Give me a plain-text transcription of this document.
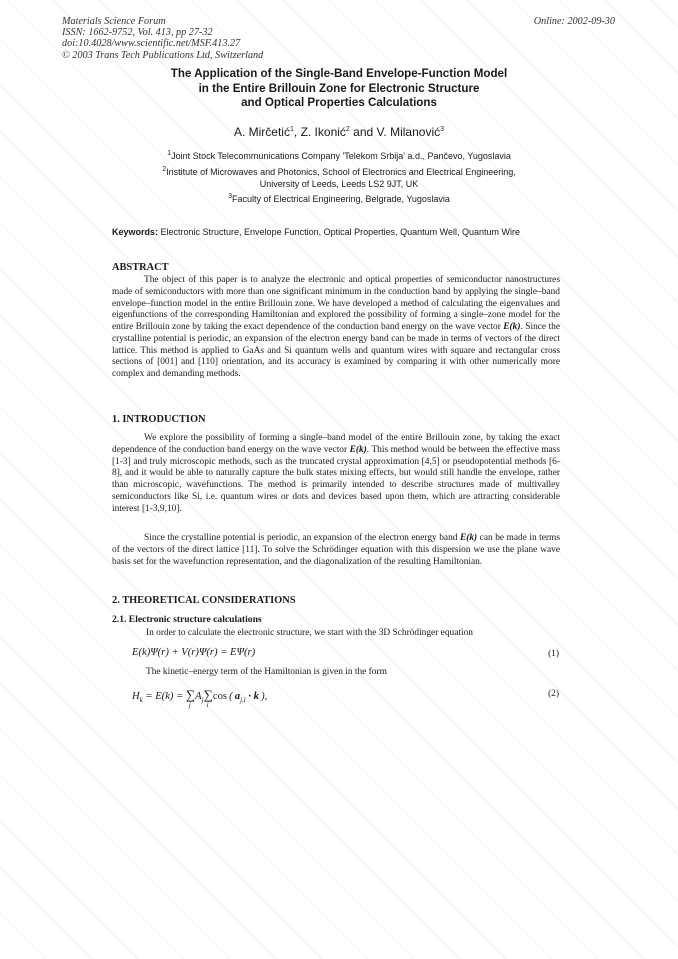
Materials Science Forum
ISSN: 1662-9752, Vol. 413, pp 27-32
doi:10.4028/www.scientific.net/MSF.413.27
© 2003 Trans Tech Publications Ltd, Switzerland
Online: 2002-09-30
The Application of the Single-Band Envelope-Function Model
in the Entire Brillouin Zone for Electronic Structure
and Optical Properties Calculations
A. Mirčetić$^1$, Z. Ikonić$^2$ and V. Milanović$^3$
$^1$Joint Stock Telecommunications Company 'Telekom Srbija' a.d., Pančevo, Yugoslavia
$^2$Institute of Microwaves and Photonics, School of Electronics and Electrical Engineering,
University of Leeds, Leeds LS2 9JT, UK
$^3$Faculty of Electrical Engineering, Belgrade, Yugoslavia
Keywords: Electronic Structure, Envelope Function, Optical Properties, Quantum Well, Quantum Wire
ABSTRACT
The object of this paper is to analyze the electronic and optical properties of semiconductor nanostructures made of semiconductors with more than one significant minimum in the conduction band by applying the single–band envelope–function model in the entire Brillouin zone. We have developed a method of calculating the eigenvalues and eigenfunctions of the corresponding Hamiltonian and explored the possibility of forming a single–zone model for the entire Brillouin zone by taking the exact dependence of the conduction band energy on the wave vector E(k). Since the crystalline potential is periodic, an expansion of the electron energy band can be made in terms of vectors of the direct lattice. This method is applied to GaAs and Si quantum wells and quantum wires with square and rectangular cross sections of [001] and [110] orientation, and its accuracy is examined by comparing it with other numerically more complex and demanding methods.
1. INTRODUCTION
We explore the possibility of forming a single–band model of the entire Brillouin zone, by taking the exact dependence of the conduction band energy on the wave vector E(k). This method would be between the effective mass [1-3] and truly microscopic methods, such as the truncated crystal approximation [4,5] or pseudopotential methods [6-8], and it would be able to naturally capture the bulk states mixing effects, but would still handle the envelope, rather than microscopic, wavefunctions. The method is primarily intended to describe structures made of multivalley semiconductors like Si, i.e. quantum wires or dots and devices based upon them, which are attracting considerable interest [1-3,9,10].
Since the crystalline potential is periodic, an expansion of the electron energy band E(k) can be made in terms of the vectors of the direct lattice [11]. To solve the Schrödinger equation with this dispersion we use the plane wave basis set for the wavefunction representation, and the diagonalization of the resulting Hamiltonian.
2. THEORETICAL CONSIDERATIONS
2.1. Electronic structure calculations
In order to calculate the electronic structure, we start with the 3D Schrödinger equation
E(k)Ψ(r) + V(r)Ψ(r) = EΨ(r)	(1)
The kinetic–energy term of the Hamiltonian is given in the form
$H_k = E(k)$ = ∑
j
$A_j\sum$
i
cos ( $a_{j,i} \cdot k$ ),	(2)
